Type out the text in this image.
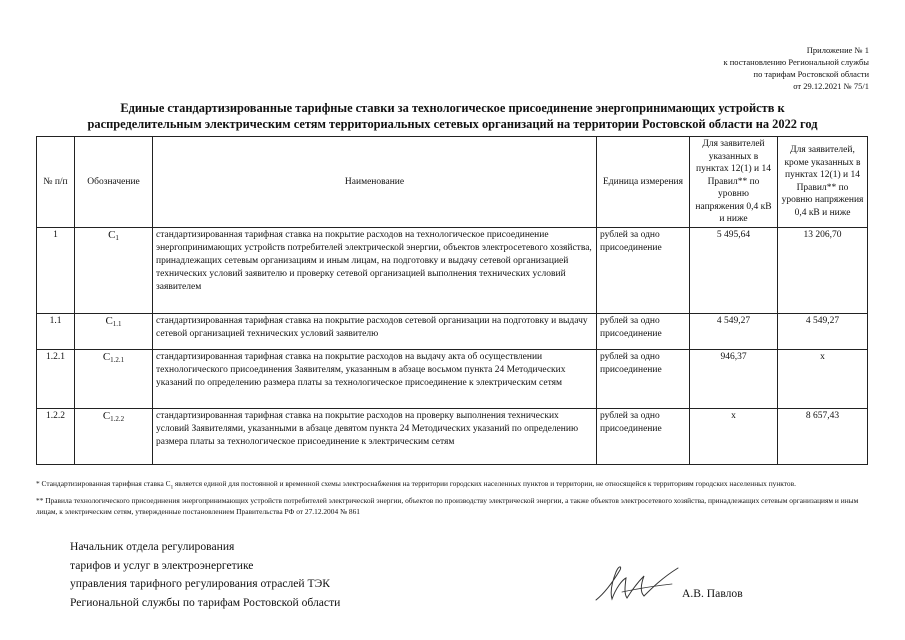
Приложение № 1
к постановлению Региональной службы
по тарифам Ростовской области
от 29.12.2021 № 75/1
Единые стандартизированные тарифные ставки за технологическое присоединение энергопринимающих устройств к
распределительным электрическим сетям территориальных сетевых организаций на территории Ростовской области на 2022 год
№ п/п	Обозначение	Наименование	Единица измерения	Для заявителей указанных в пунктах 12(1) и 14 Правил** по уровню напряжения 0,4 кВ и ниже	Для заявителей, кроме указанных в пунктах 12(1) и 14 Правил** по уровню напряжения 0,4 кВ и ниже
1	$С_1$	стандартизированная тарифная ставка на покрытие расходов на технологическое присоединение энергопринимающих устройств потребителей электрической энергии, объектов электросетевого хозяйства, принадлежащих сетевым организациям и иным лицам, на подготовку и выдачу сетевой организацией технических условий заявителю и проверку сетевой организацией выполнения технических условий заявителем	рублей за одно присоединение	5 495,64	13 206,70
1.1	$С_{1.1}$	стандартизированная тарифная ставка на покрытие расходов сетевой организации на подготовку и выдачу сетевой организацией технических условий заявителю	рублей за одно присоединение	4 549,27	4 549,27
1.2.1	$С_{1.2.1}$	стандартизированная тарифная ставка на покрытие расходов на выдачу акта об осуществлении технологического присоединения Заявителям, указанным в абзаце восьмом пункта 24 Методических указаний по определению размера платы за технологическое присоединение к электрическим сетям	рублей за одно присоединение	946,37	х
1.2.2	$С_{1.2.2}$	стандартизированная тарифная ставка на покрытие расходов на проверку выполнения технических условий Заявителями, указанными в абзаце девятом пункта 24 Методических указаний по определению размера платы за технологическое присоединение к электрическим сетям	рублей за одно присоединение	х	8 657,43
* Стандартизированная тарифная ставка $С_1$ является единой для постоянной и временной схемы электроснабжения на территории городских населенных пунктов и территории, не относящейся к территориям городских населенных пунктов.
** Правила технологического присоединения энергопринимающих устройств потребителей электрической энергии, объектов по производству электрической энергии, а также объектов электросетевого хозяйства, принадлежащих сетевым организациям и иным лицам, к электрическим сетям, утвержденные постановлением Правительства РФ от 27.12.2004 № 861
Начальник отдела регулирования
тарифов и услуг в электроэнергетике
управления тарифного регулирования отраслей ТЭК
Региональной службы по тарифам Ростовской области
А.В. Павлов
